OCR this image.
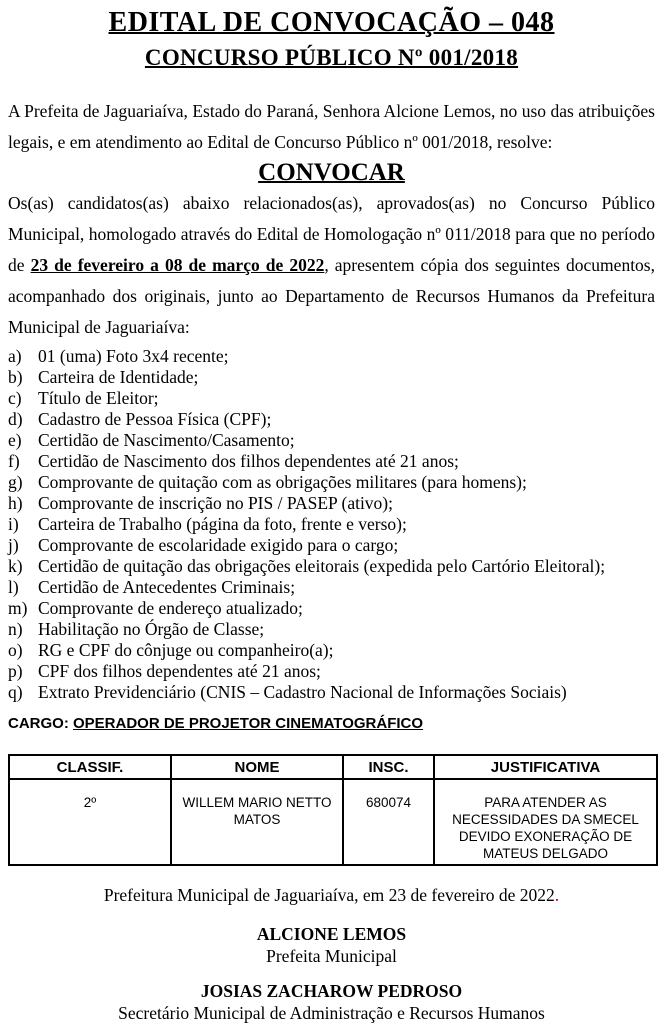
EDITAL DE CONVOCAÇÃO – 048
CONCURSO PÚBLICO Nº 001/2018

A Prefeita de Jaguariaíva, Estado do Paraná, Senhora Alcione Lemos, no uso das atribuições legais, e em atendimento ao Edital de Concurso Público nº 001/2018, resolve:

CONVOCAR

Os(as) candidatos(as) abaixo relacionados(as), aprovados(as) no Concurso Público Municipal, homologado através do Edital de Homologação nº 011/2018 para que no período de 23 de fevereiro a 08 de março de 2022, apresentem cópia dos seguintes documentos, acompanhado dos originais, junto ao Departamento de Recursos Humanos da Prefeitura Municipal de Jaguariaíva:

a) 01 (uma) Foto 3x4 recente;
b) Carteira de Identidade;
c) Título de Eleitor;
d) Cadastro de Pessoa Física (CPF);
e) Certidão de Nascimento/Casamento;
f)	Certidão de Nascimento dos filhos dependentes até 21 anos;
g) Comprovante de quitação com as obrigações militares (para homens);
h) Comprovante de inscrição no PIS / PASEP (ativo);
i)	Carteira de Trabalho (página da foto, frente e verso);
j)	Comprovante de escolaridade exigido para o cargo;
k) Certidão de quitação das obrigações eleitorais (expedida pelo Cartório Eleitoral);
l)	Certidão de Antecedentes Criminais;
m) Comprovante de endereço atualizado;
n) Habilitação no Órgão de Classe;
o) RG e CPF do cônjuge ou companheiro(a);
p) CPF dos filhos dependentes até 21 anos;
q) Extrato Previdenciário (CNIS – Cadastro Nacional de Informações Sociais)
CARGO: OPERADOR DE PROJETOR CINEMATOGRÁFICO
CLASSIF.	NOME	INSC.	JUSTIFICATIVA
2º	WILLEM MARIO NETTO MATOS	680074	PARA ATENDER AS NECESSIDADES DA SMECEL DEVIDO EXONERAÇÃO DE MATEUS DELGADO
Prefeitura Municipal de Jaguariaíva, em 23 de fevereiro de 2022.
ALCIONE LEMOS
Prefeita Municipal
JOSIAS ZACHAROW PEDROSO
Secretário Municipal de Administração e Recursos Humanos
